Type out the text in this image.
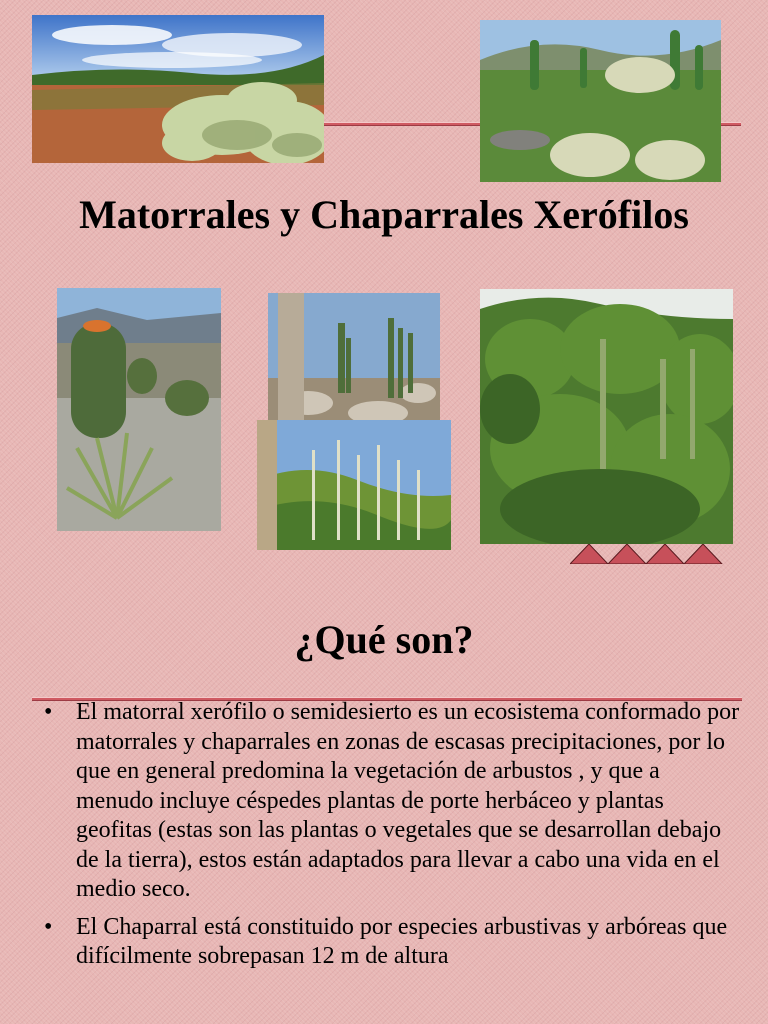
Matorrales y Chaparrales Xerófilos
¿Qué son?
• El matorral xerófilo o semidesierto es un ecosistema conformado por matorrales y chaparrales en zonas de escasas precipitaciones, por lo que en general predomina la vegetación de arbustos , y que a menudo incluye céspedes plantas de porte herbáceo y plantas geofitas (estas son las plantas o vegetales que se desarrollan debajo de la tierra), estos están adaptados para llevar a cabo una vida en el medio seco.
• El Chaparral está constituido por especies arbustivas y arbóreas que difícilmente sobrepasan 12 m de altura
